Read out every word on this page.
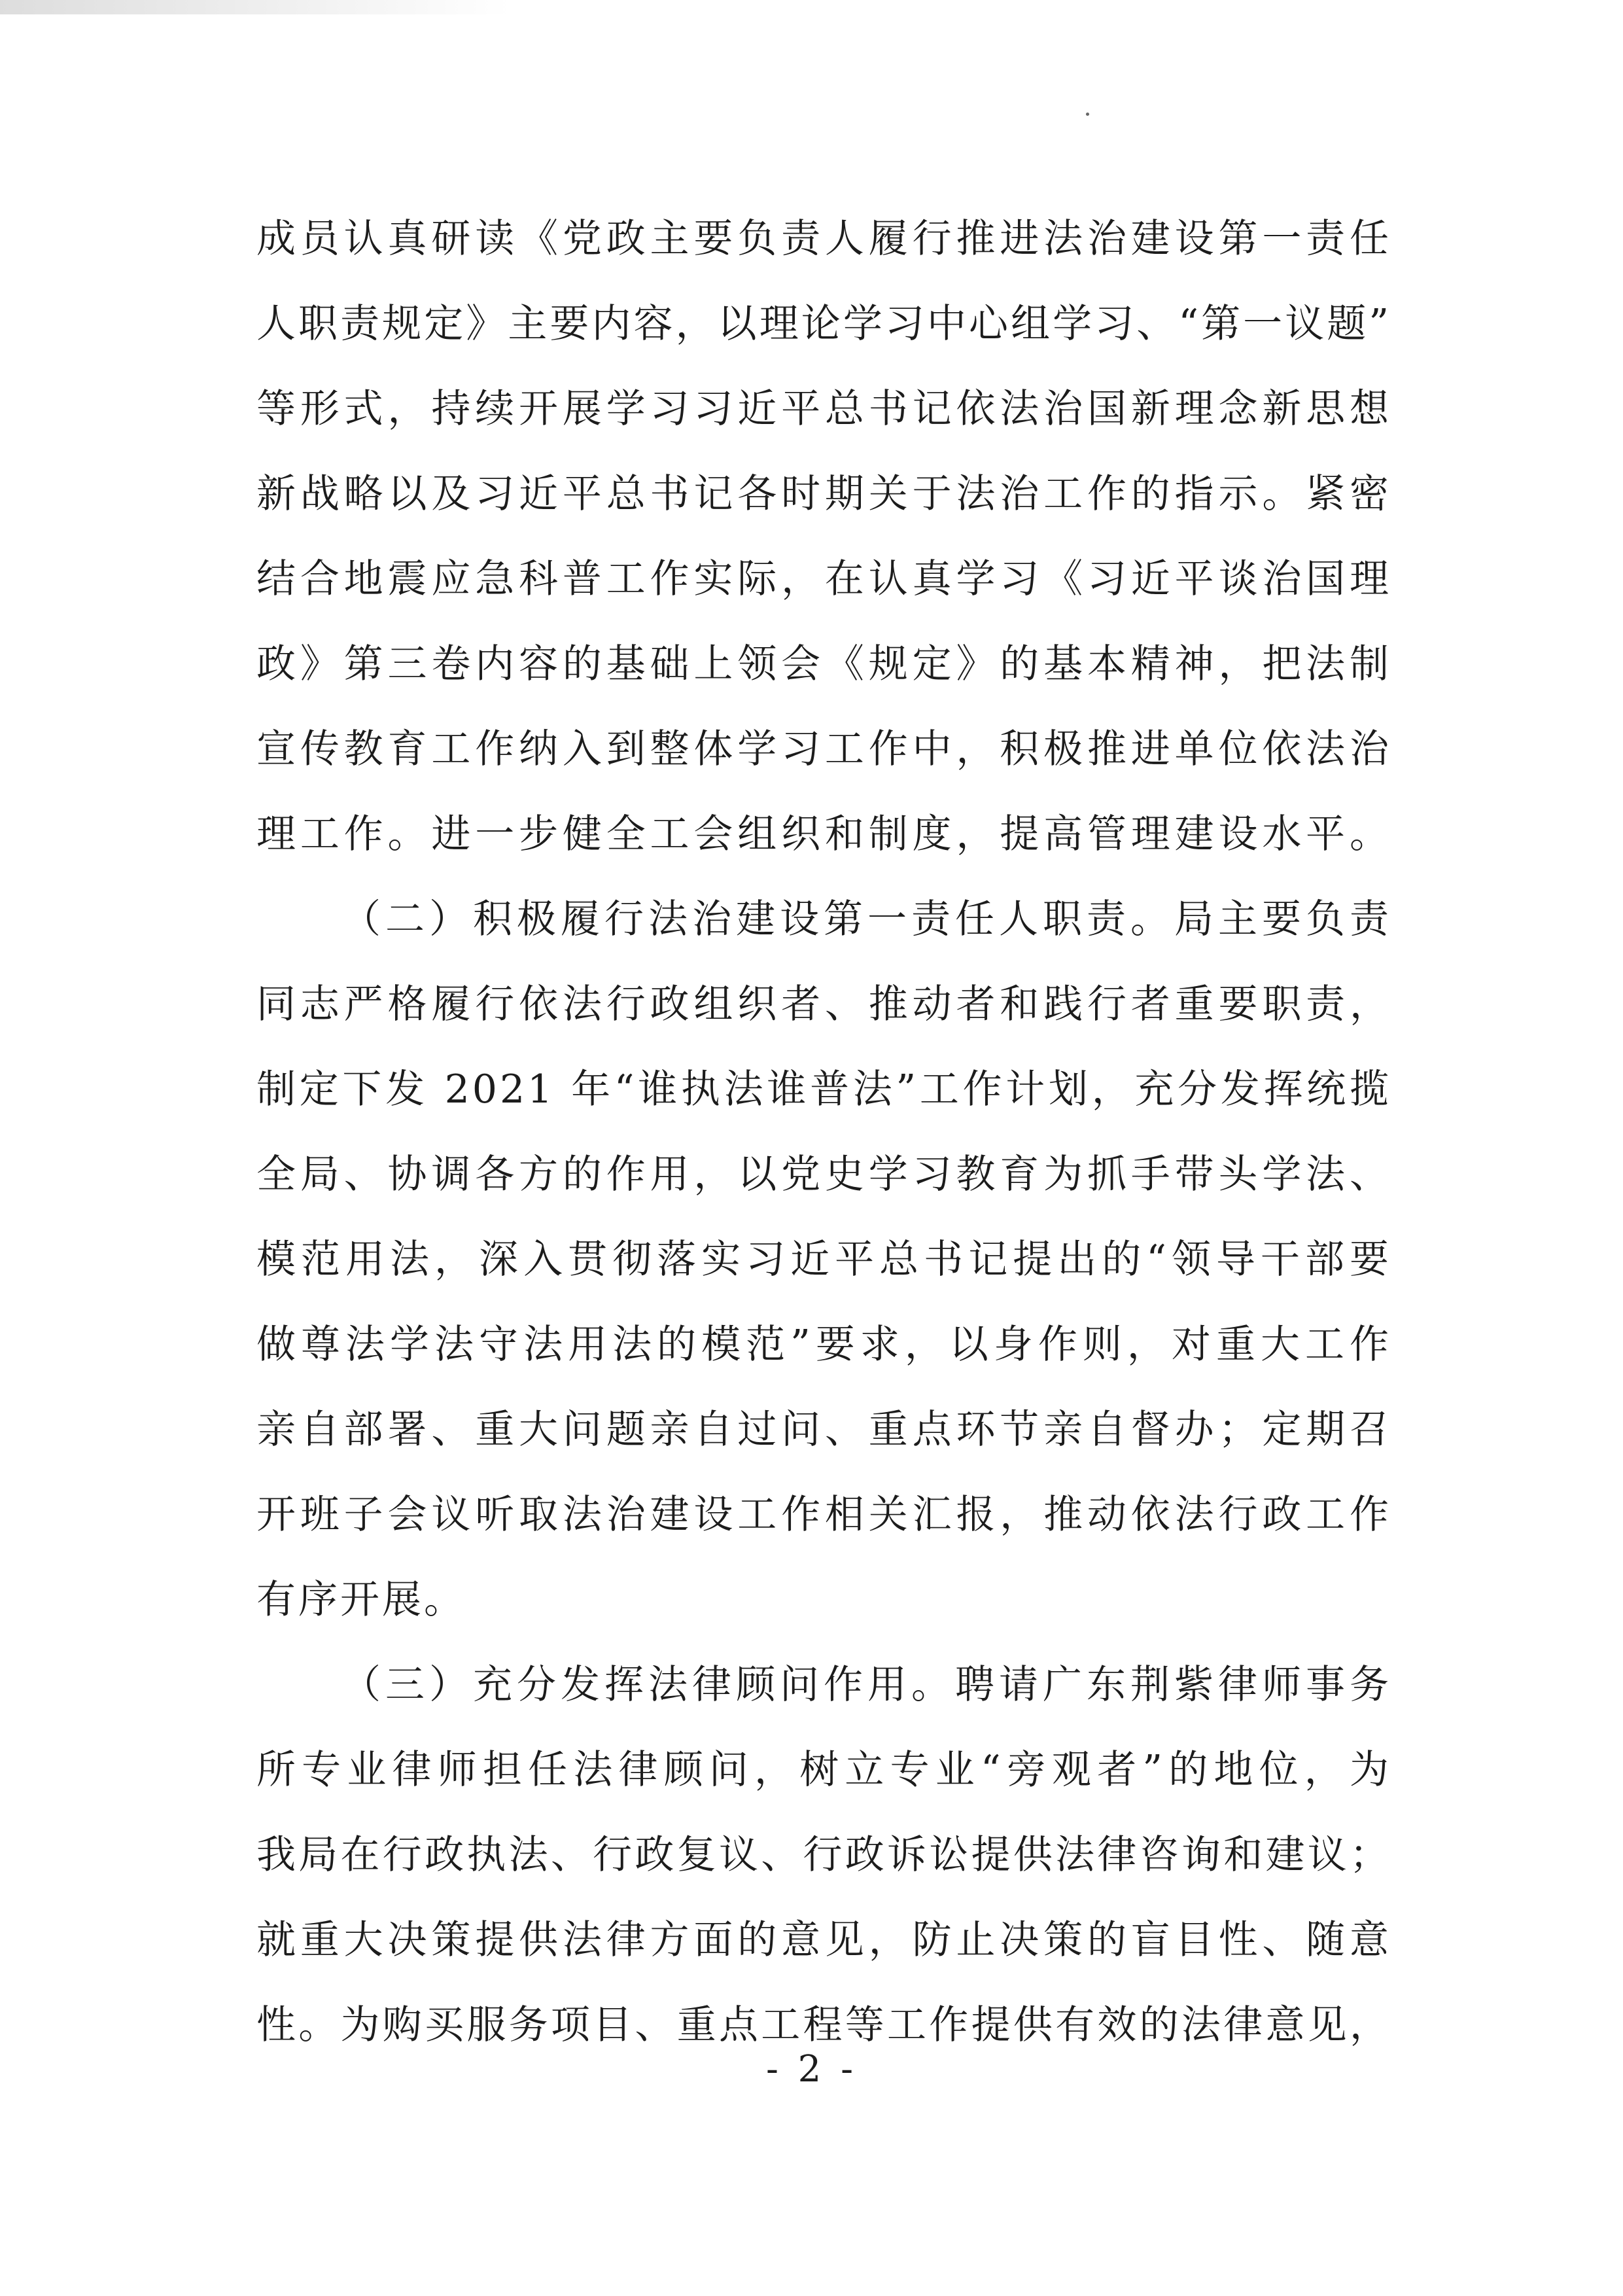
成员认真研读《党政主要负责人履行推进法治建设第一责任
人职责规定》主要内容，以理论学习中心组学习、“第一议题”
等形式，持续开展学习习近平总书记依法治国新理念新思想
新战略以及习近平总书记各时期关于法治工作的指示。紧密
结合地震应急科普工作实际，在认真学习《习近平谈治国理
政》第三卷内容的基础上领会《规定》的基本精神，把法制
宣传教育工作纳入到整体学习工作中，积极推进单位依法治
理工作。进一步健全工会组织和制度，提高管理建设水平。
（二）积极履行法治建设第一责任人职责。局主要负责
同志严格履行依法行政组织者、推动者和践行者重要职责，
制定下发 2021 年“谁执法谁普法”工作计划，充分发挥统揽
全局、协调各方的作用，以党史学习教育为抓手带头学法、
模范用法，深入贯彻落实习近平总书记提出的“领导干部要
做尊法学法守法用法的模范”要求，以身作则，对重大工作
亲自部署、重大问题亲自过问、重点环节亲自督办；定期召
开班子会议听取法治建设工作相关汇报，推动依法行政工作
有序开展。
（三）充分发挥法律顾问作用。聘请广东荆紫律师事务
所专业律师担任法律顾问，树立专业“旁观者”的地位，为
我局在行政执法、行政复议、行政诉讼提供法律咨询和建议；
就重大决策提供法律方面的意见，防止决策的盲目性、随意
性。为购买服务项目、重点工程等工作提供有效的法律意见，
- 2 -
